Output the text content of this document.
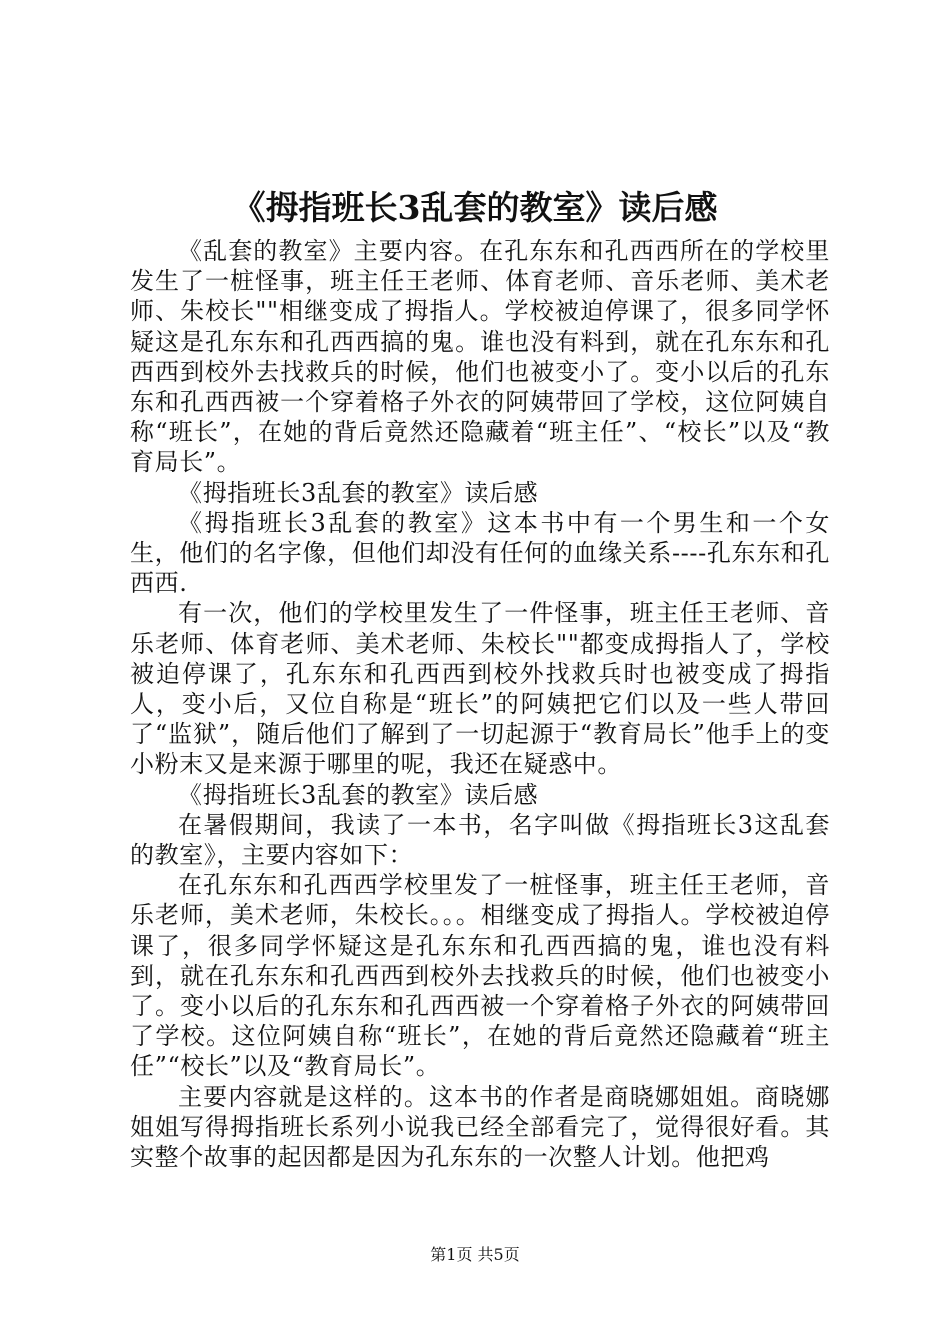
《拇指班长3乱套的教室》读后感

《乱套的教室》主要内容。在孔东东和孔西西所在的学校里发生了一桩怪事，班主任王老师、体育老师、音乐老师、美术老师、朱校长""相继变成了拇指人。学校被迫停课了，很多同学怀疑这是孔东东和孔西西搞的鬼。谁也没有料到，就在孔东东和孔西西到校外去找救兵的时候，他们也被变小了。变小以后的孔东东和孔西西被一个穿着格子外衣的阿姨带回了学校，这位阿姨自称“班长”，在她的背后竟然还隐藏着“班主任”、“校长”以及“教育局长”。

《拇指班长3乱套的教室》读后感

《拇指班长3乱套的教室》这本书中有一个男生和一个女生，他们的名字像，但他们却没有任何的血缘关系----孔东东和孔西西.

有一次，他们的学校里发生了一件怪事，班主任王老师、音乐老师、体育老师、美术老师、朱校长""都变成拇指人了，学校被迫停课了，孔东东和孔西西到校外找救兵时也被变成了拇指人，变小后，又位自称是“班长”的阿姨把它们以及一些人带回了“监狱”，随后他们了解到了一切起源于“教育局长”他手上的变小粉末又是来源于哪里的呢，我还在疑惑中。

《拇指班长3乱套的教室》读后感

在暑假期间，我读了一本书，名字叫做《拇指班长3这乱套的教室》，主要内容如下：

在孔东东和孔西西学校里发了一桩怪事，班主任王老师，音乐老师，美术老师，朱校长。。。相继变成了拇指人。学校被迫停课了，很多同学怀疑这是孔东东和孔西西搞的鬼，谁也没有料到，就在孔东东和孔西西到校外去找救兵的时候，他们也被变小了。变小以后的孔东东和孔西西被一个穿着格子外衣的阿姨带回了学校。这位阿姨自称“班长”，在她的背后竟然还隐藏着“班主任”“校长”以及“教育局长”。

主要内容就是这样的。这本书的作者是商晓娜姐姐。商晓娜姐姐写得拇指班长系列小说我已经全部看完了，觉得很好看。其实整个故事的起因都是因为孔东东的一次整人计划。他把鸡

第1页 共5页
